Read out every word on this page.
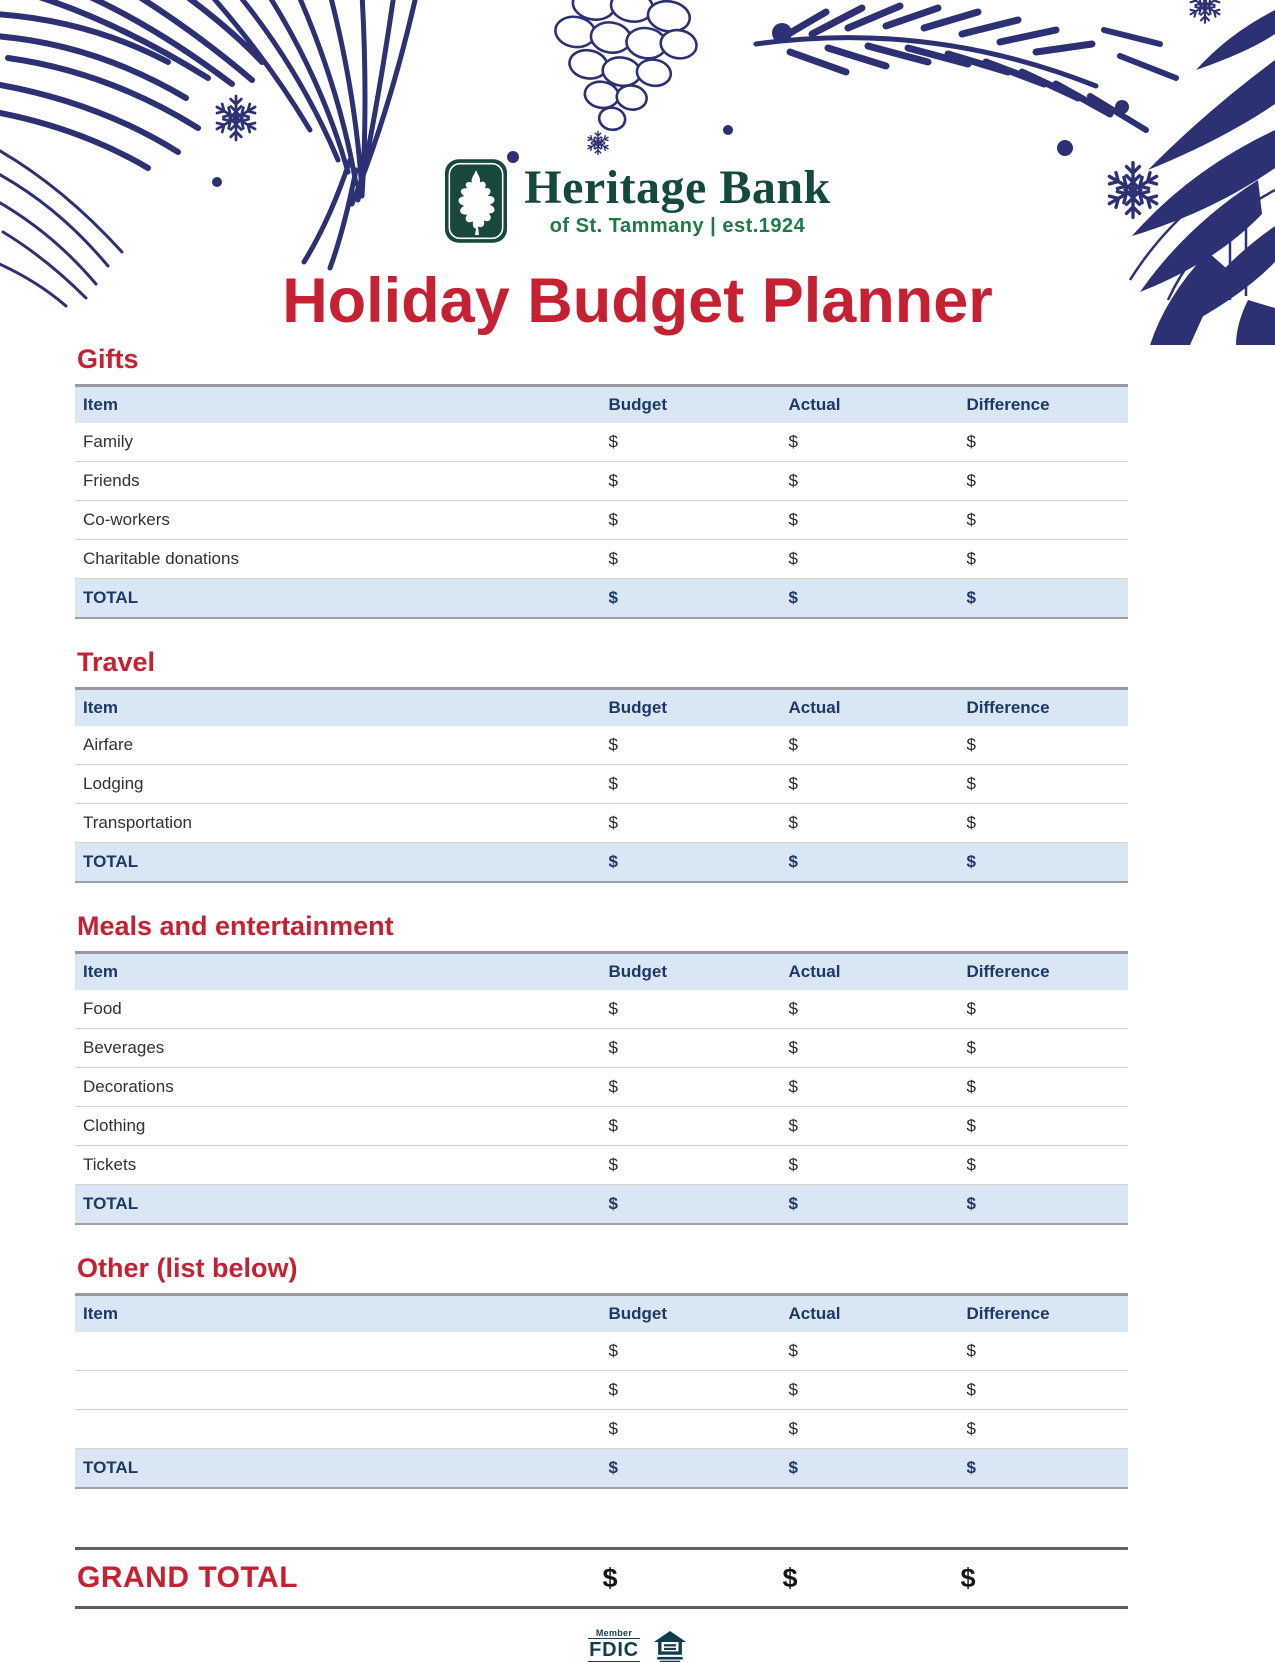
Heritage Bank
of St. Tammany | est.1924
Holiday Budget Planner
Gifts
Item	Budget	Actual	Difference
Family	$	$	$
Friends	$	$	$
Co-workers	$	$	$
Charitable donations	$	$	$
TOTAL	$	$	$
Travel
Item	Budget	Actual	Difference
Airfare	$	$	$
Lodging	$	$	$
Transportation	$	$	$
TOTAL	$	$	$
Meals and entertainment
Item	Budget	Actual	Difference
Food	$	$	$
Beverages	$	$	$
Decorations	$	$	$
Clothing	$	$	$
Tickets	$	$	$
TOTAL	$	$	$
Other (list below)
Item	Budget	Actual	Difference
	$	$	$
	$	$	$
	$	$	$
TOTAL	$	$	$
GRAND TOTAL	$	$	$
Member
FDIC
